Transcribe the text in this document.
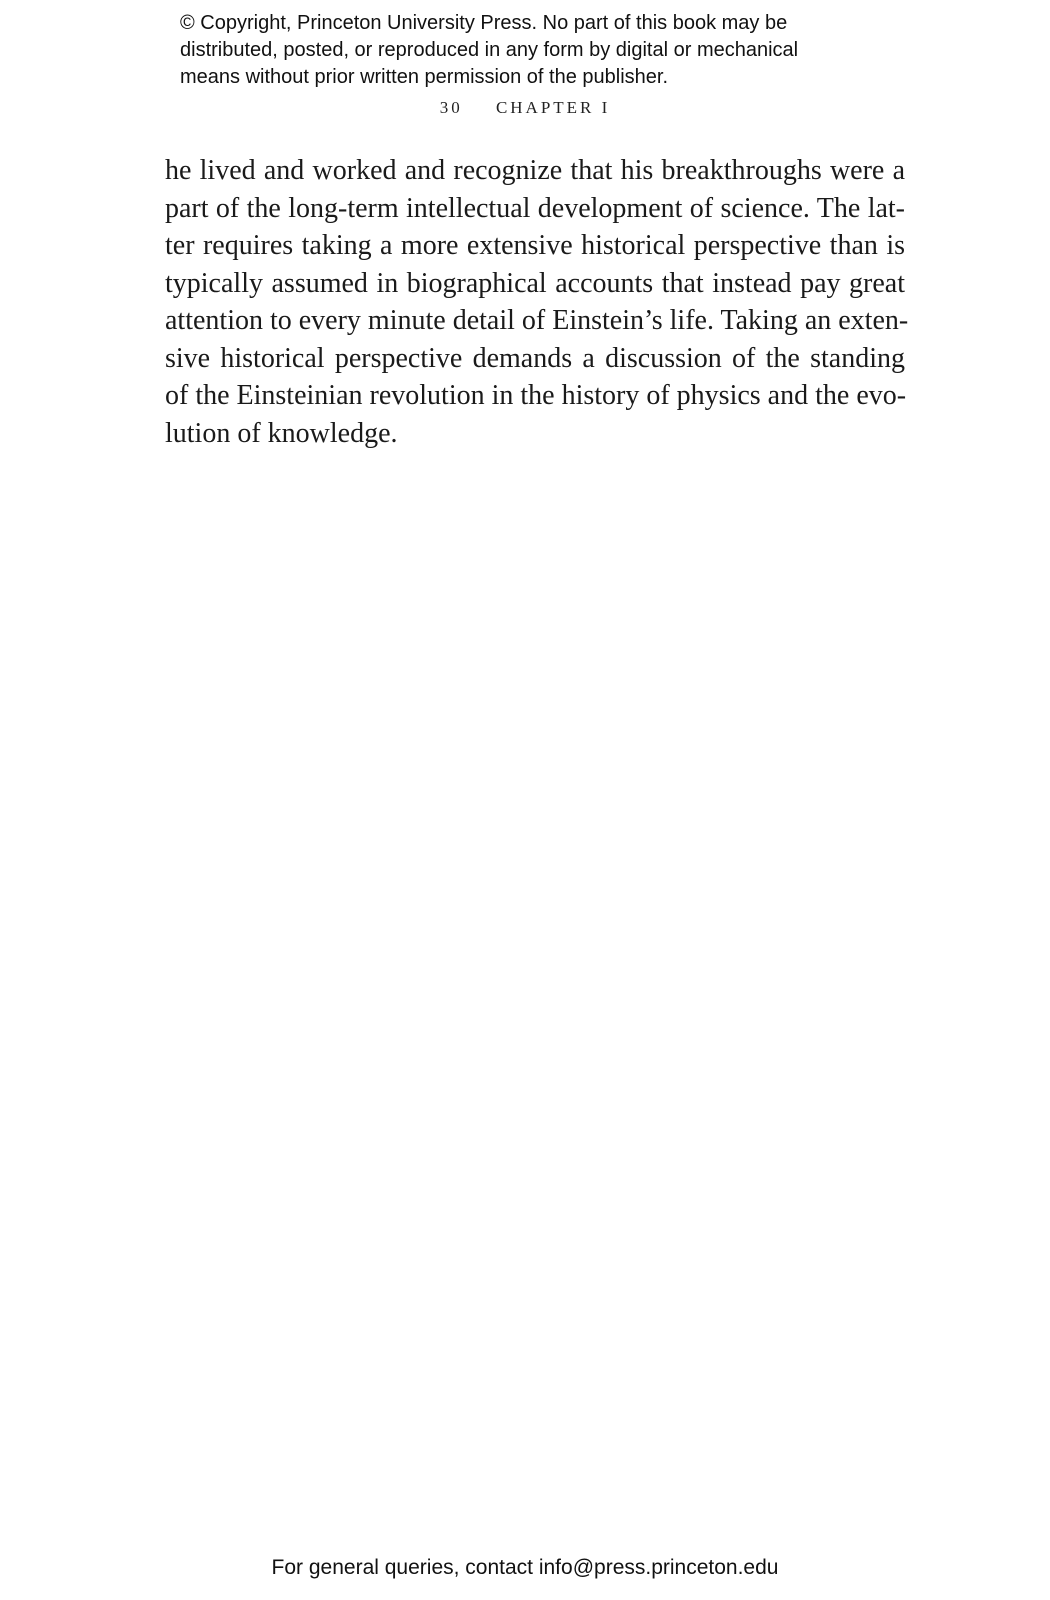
© Copyright, Princeton University Press. No part of this book may be
distributed, posted, or reproduced in any form by digital or mechanical
means without prior written permission of the publisher.
30 CHAPTER I
he lived and worked and recognize that his breakthroughs were a
part of the long-term intellectual development of science. The lat-
ter requires taking a more extensive historical perspective than is
typically assumed in biographical accounts that instead pay great
attention to every minute detail of Einstein’s life. Taking an exten-
sive historical perspective demands a discussion of the standing
of the Einsteinian revolution in the history of physics and the evo-
lution of knowledge.
For general queries, contact info@press.princeton.edu
